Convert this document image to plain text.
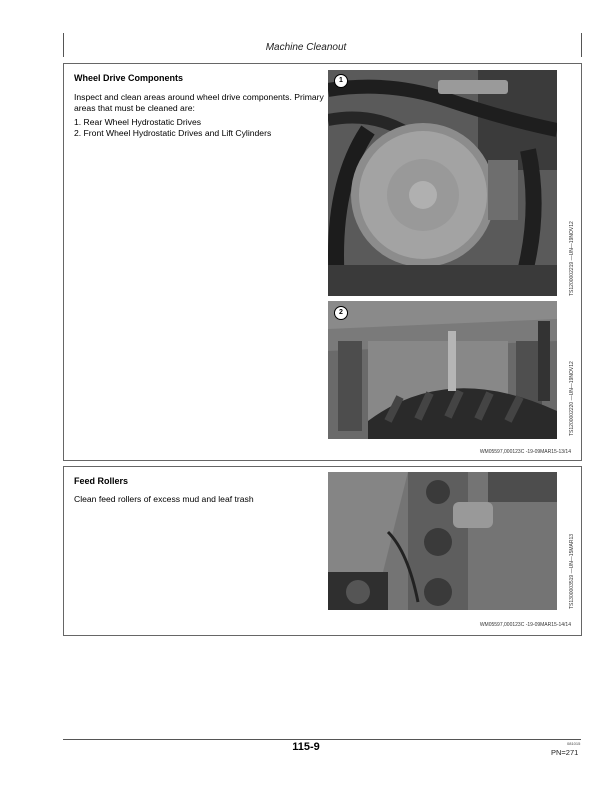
Machine Cleanout
Wheel Drive Components

Inspect and clean areas around wheel drive components. Primary areas that must be cleaned are:

1. Rear Wheel Hydrostatic Drives
2. Front Wheel Hydrostatic Drives and Lift Cylinders
1
TS1200002219 —UN—19NOV12
2
TS1200002220 —UN—19NOV12
WM05597,000123C -19-09MAR15-13/14
Feed Rollers

Clean feed rollers of excess mud and leaf trash

TS1300003519 —UN—15MAR13
WM05597,000123C -19-09MAR15-14/14
115-9	081015
PN=271
